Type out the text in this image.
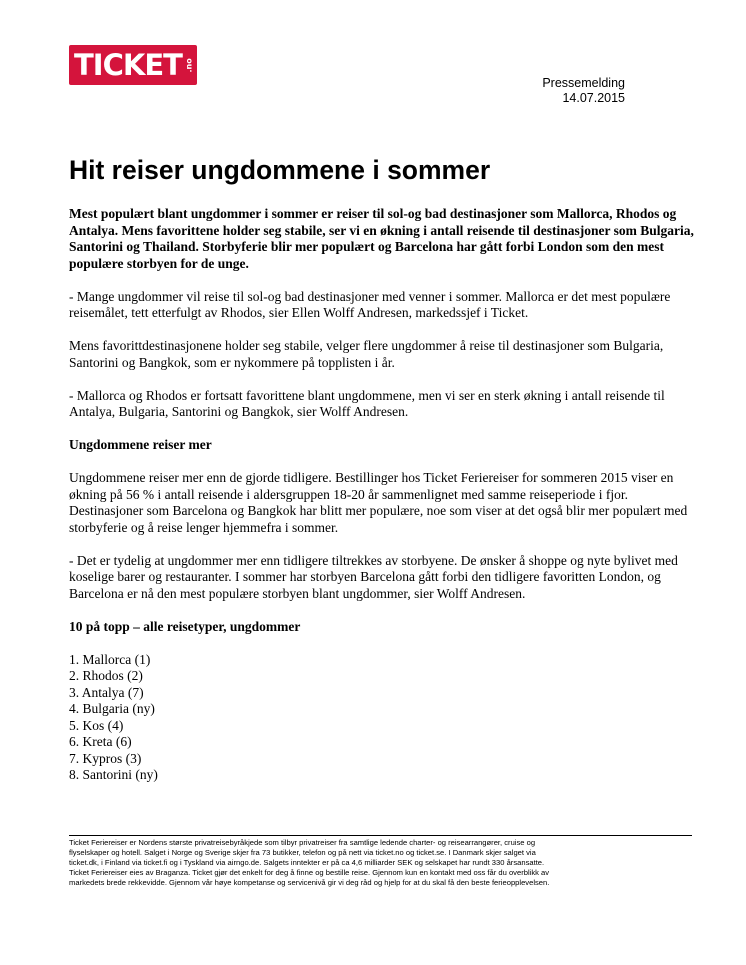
TICKET .no
Pressemelding
14.07.2015
Hit reiser ungdommene i sommer

Mest populært blant ungdommer i sommer er reiser til sol-og bad destinasjoner som Mallorca, Rhodos og Antalya. Mens favorittene holder seg stabile, ser vi en økning i antall reisende til destinasjoner som Bulgaria, Santorini og Thailand. Storbyferie blir mer populært og Barcelona har gått forbi London som den mest populære storbyen for de unge.

- Mange ungdommer vil reise til sol-og bad destinasjoner med venner i sommer. Mallorca er det mest populære reisemålet, tett etterfulgt av Rhodos, sier Ellen Wolff Andresen, markedssjef i Ticket.

Mens favorittdestinasjonene holder seg stabile, velger flere ungdommer å reise til destinasjoner som Bulgaria, Santorini og Bangkok, som er nykommere på topplisten i år.

- Mallorca og Rhodos er fortsatt favorittene blant ungdommene, men vi ser en sterk økning i antall reisende til Antalya, Bulgaria, Santorini og Bangkok, sier Wolff Andresen.

Ungdommene reiser mer

Ungdommene reiser mer enn de gjorde tidligere. Bestillinger hos Ticket Feriereiser for sommeren 2015 viser en økning på 56 % i antall reisende i aldersgruppen 18-20 år sammenlignet med samme reiseperiode i fjor. Destinasjoner som Barcelona og Bangkok har blitt mer populære, noe som viser at det også blir mer populært med storbyferie og å reise lenger hjemmefra i sommer.

- Det er tydelig at ungdommer mer enn tidligere tiltrekkes av storbyene. De ønsker å shoppe og nyte bylivet med koselige barer og restauranter. I sommer har storbyen Barcelona gått forbi den tidligere favoritten London, og Barcelona er nå den mest populære storbyen blant ungdommer, sier Wolff Andresen.

10 på topp – alle reisetyper, ungdommer

1. Mallorca (1)
2. Rhodos (2)
3. Antalya (7)
4. Bulgaria (ny)
5. Kos (4)
6. Kreta (6)
7. Kypros (3)
8. Santorini (ny)
Ticket Feriereiser er Nordens største privatreisebyråkjede som tilbyr privatreiser fra samtlige ledende charter- og reisearrangører, cruise og
flyselskaper og hotell. Salget i Norge og Sverige skjer fra 73 butikker, telefon og på nett via ticket.no og ticket.se. I Danmark skjer salget via
ticket.dk, i Finland via ticket.fi og i Tyskland via airngo.de. Salgets inntekter er på ca 4,6 milliarder SEK og selskapet har rundt 330 årsansatte.
Ticket Feriereiser eies av Braganza. Ticket gjør det enkelt for deg å finne og bestille reise. Gjennom kun en kontakt med oss får du overblikk av
markedets brede rekkevidde. Gjennom vår høye kompetanse og servicenivå gir vi deg råd og hjelp for at du skal få den beste ferieopplevelsen.
